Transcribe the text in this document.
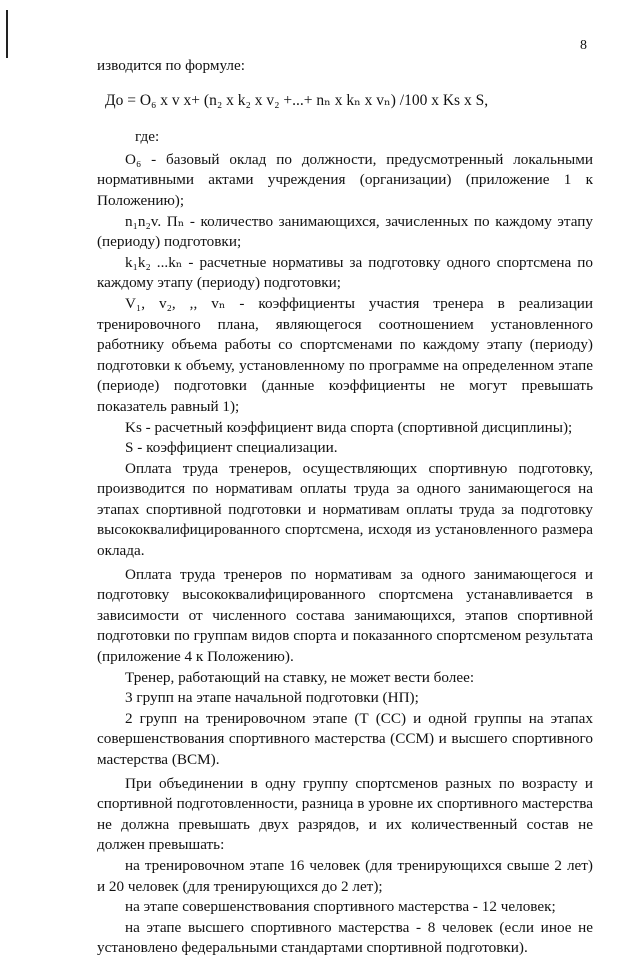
8

изводится по формуле:

До = О₆ х v х+ (n₂ х k₂ х v₂ +...+ nₙ х kₙ х vₙ) /100 х Ks х S,

где:

О₆ - базовый оклад по должности, предусмотренный локальными нормативными актами учреждения (организации) (приложение 1 к Положению);

n₁n₂v. Пₙ - количество занимающихся, зачисленных по каждому этапу (периоду) подготовки;

k₁k₂ ...kₙ - расчетные нормативы за подготовку одного спортсмена по каждому этапу (периоду) подготовки;

V₁, v₂, ,, vₙ - коэффициенты участия тренера в реализации тренировочного плана, являющегося соотношением установленного работнику объема работы со спортсменами по каждому этапу (периоду) подготовки к объему, установленному по программе на определенном этапе (периоде) подготовки (данные коэффициенты не могут превышать показатель равный 1);

Ks - расчетный коэффициент вида спорта (спортивной дисциплины);

S - коэффициент специализации.

Оплата труда тренеров, осуществляющих спортивную подготовку, производится по нормативам оплаты труда за одного занимающегося на этапах спортивной подготовки и нормативам оплаты труда за подготовку высококвалифицированного спортсмена, исходя из установленного размера оклада.

Оплата труда тренеров по нормативам за одного занимающегося и подготовку высококвалифицированного спортсмена устанавливается в зависимости от численного состава занимающихся, этапов спортивной подготовки по группам видов спорта и показанного спортсменом результата (приложение 4 к Положению).

Тренер, работающий на ставку, не может вести более:

3 групп на этапе начальной подготовки (НП);

2 групп на тренировочном этапе (Т (СС) и одной группы на этапах совершенствования спортивного мастерства (ССМ) и высшего спортивного мастерства (ВСМ).

При объединении в одну группу спортсменов разных по возрасту и спортивной подготовленности, разница в уровне их спортивного мастерства не должна превышать двух разрядов, и их количественный состав не должен превышать:

на тренировочном этапе 16 человек (для тренирующихся свыше 2 лет) и 20 человек (для тренирующихся до 2 лет);

на этапе совершенствования спортивного мастерства - 12 человек;

на этапе высшего спортивного мастерства - 8 человек (если иное не установлено федеральными стандартами спортивной подготовки).
